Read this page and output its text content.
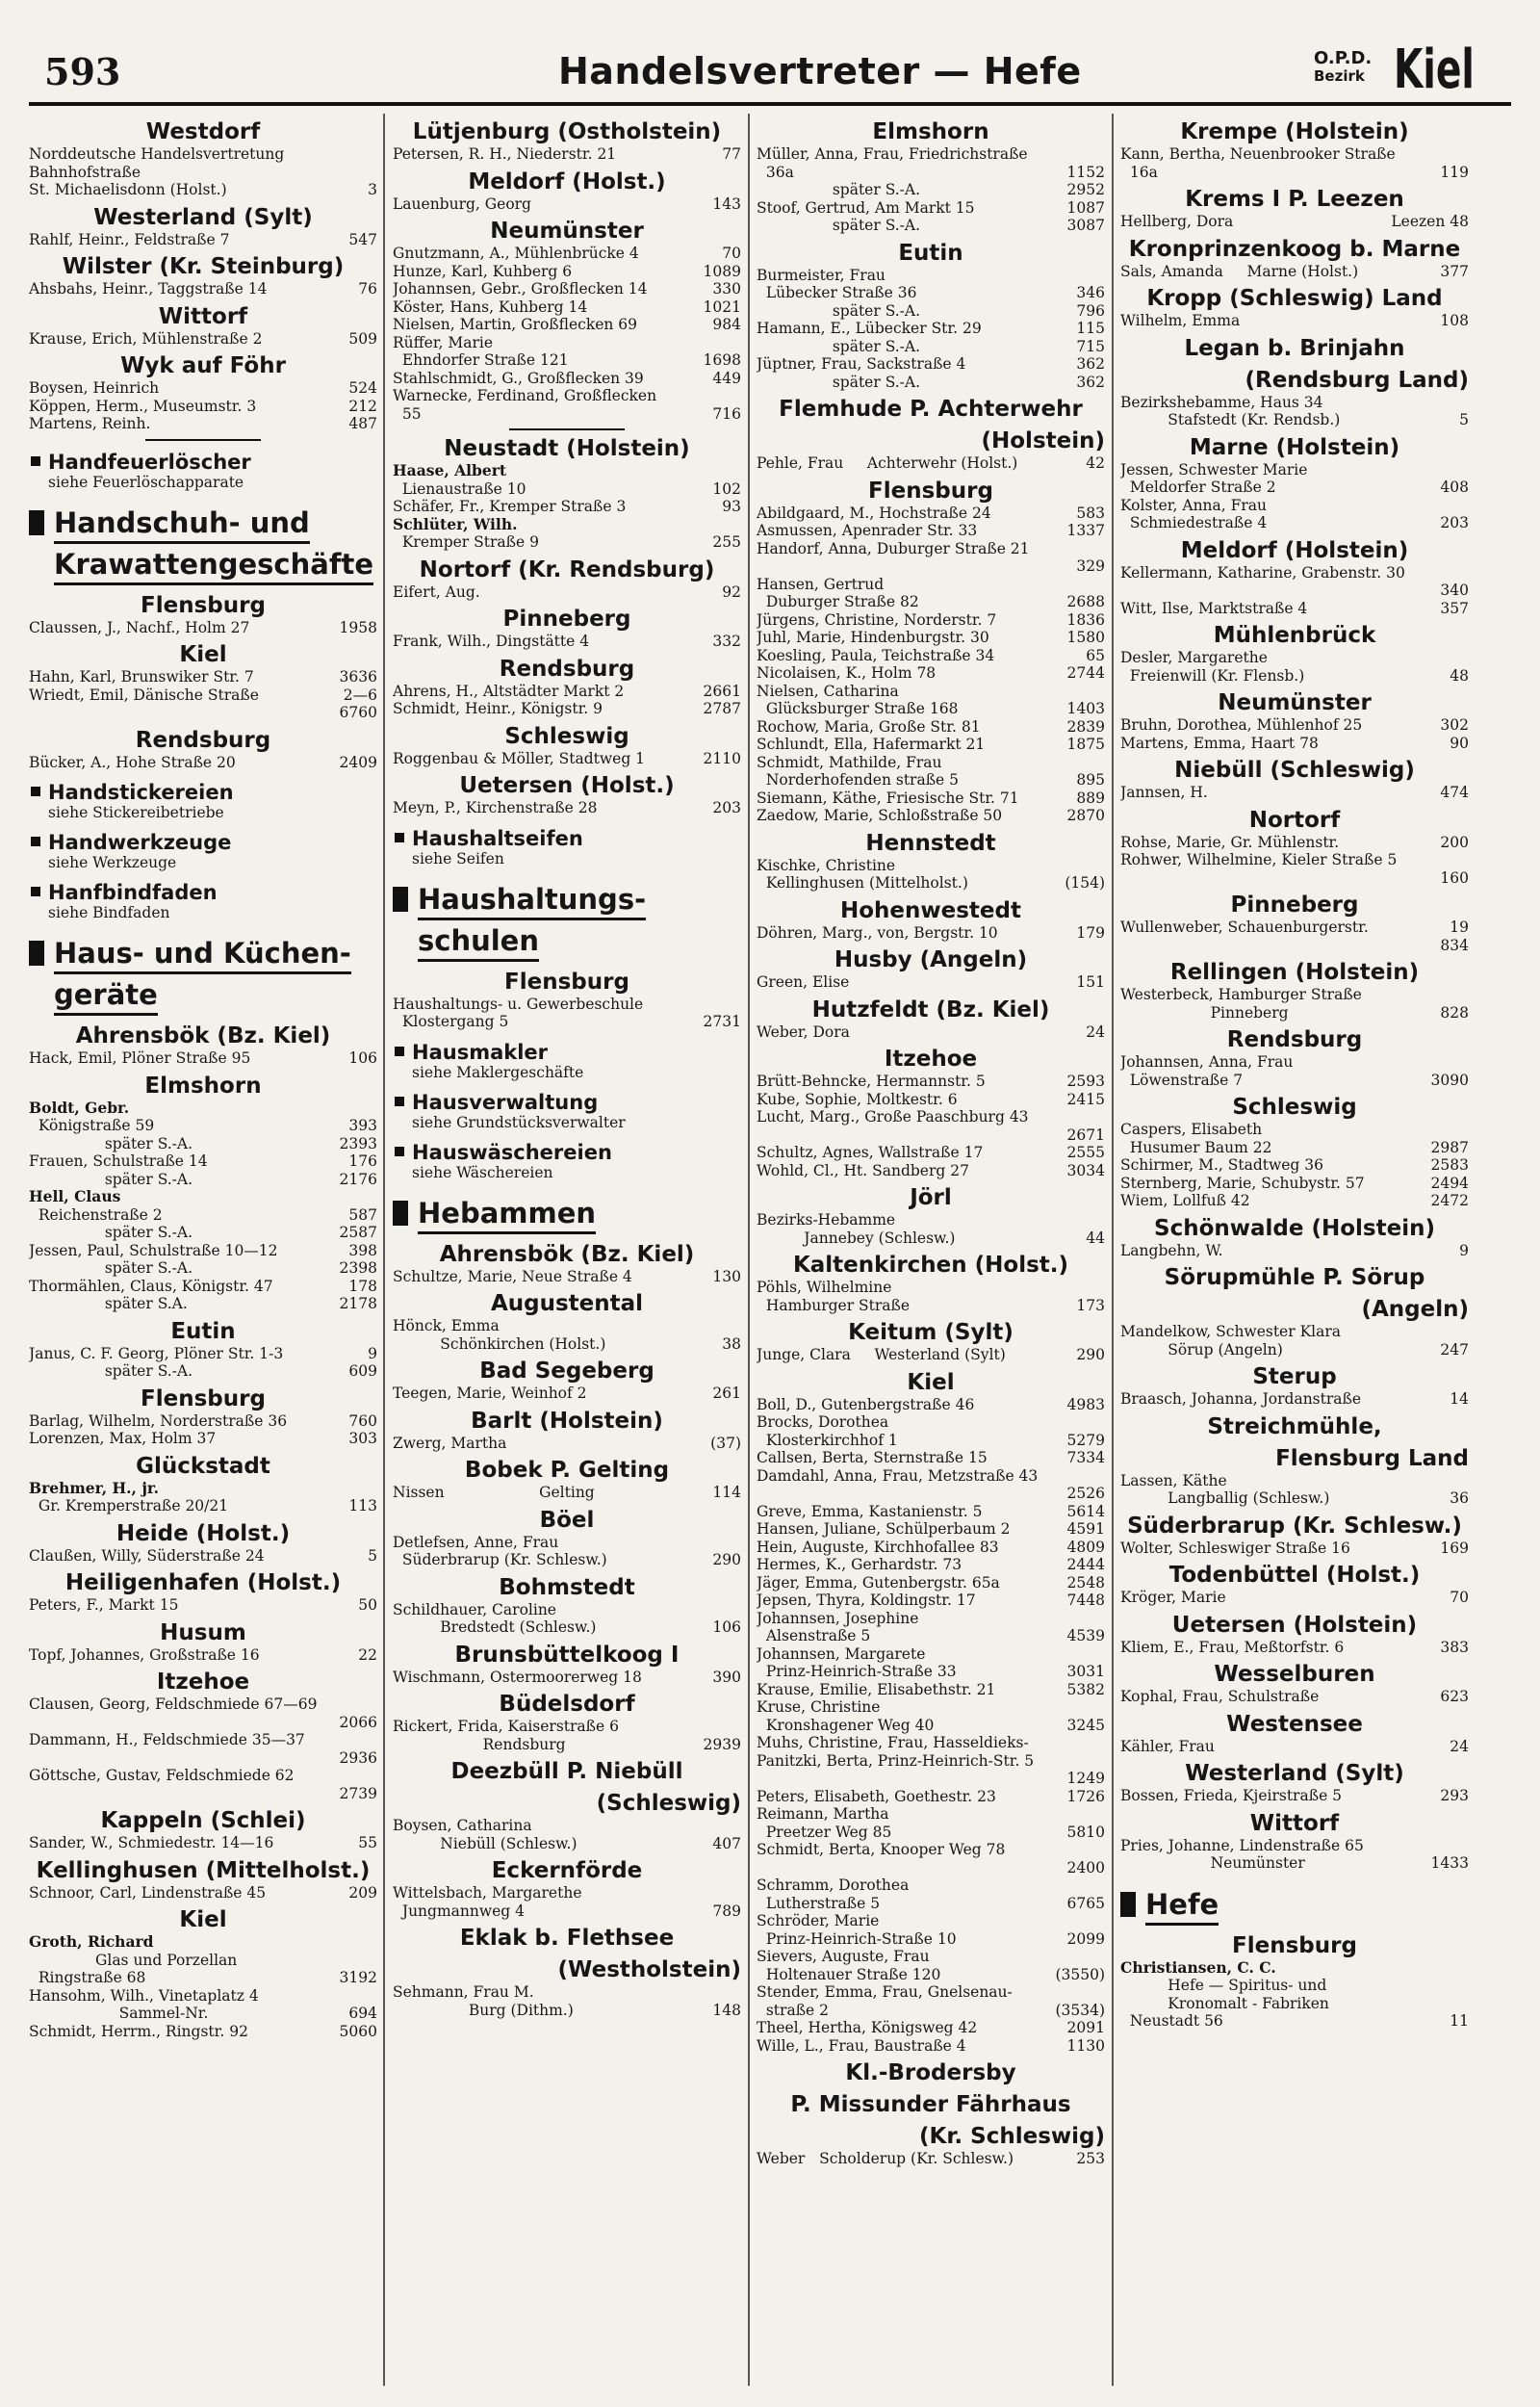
593	Handelsvertreter — Hefe	O.P.D.
Bezirk Kiel
Westdorf
Norddeutsche Handelsvertretung
Bahnhofstraße
St. Michaelisdonn (Holst.)	3
Westerland (Sylt)
Rahlf, Heinr., Feldstraße 7	547
Wilster (Kr. Steinburg)
Ahsbahs, Heinr., Taggstraße 14	76
Wittorf
Krause, Erich, Mühlenstraße 2	509
Wyk auf Föhr
Boysen, Heinrich	524
Köppen, Herm., Museumstr. 3	212
Martens, Reinh.	487
Handfeuerlöscher
siehe Feuerlöschapparate
Handschuh- und
Krawattengeschäfte

Flensburg
Claussen, J., Nachf., Holm 27	1958
Kiel
Hahn, Karl, Brunswiker Str. 7	3636
Wriedt, Emil, Dänische Straße	2—6
6760
Rendsburg
Bücker, A., Hohe Straße 20	2409
Handstickereien
siehe Stickereibetriebe
Handwerkzeuge
siehe Werkzeuge
Hanfbindfaden
siehe Bindfaden
Haus- und Küchen-
geräte

Ahrensbök (Bz. Kiel)
Hack, Emil, Plöner Straße 95	106
Elmshorn
Boldt, Gebr.
Königstraße 59	393
später S.-A.	2393
Frauen, Schulstraße 14	176
später S.-A.	2176
Hell, Claus
Reichenstraße 2	587
später S.-A.	2587
Jessen, Paul, Schulstraße 10—12	398
später S.-A.	2398
Thormählen, Claus, Königstr. 47	178
später S.A.	2178
Eutin
Janus, C. F. Georg, Plöner Str. 1-3	9
später S.-A.	609
Flensburg
Barlag, Wilhelm, Norderstraße 36	760
Lorenzen, Max, Holm 37	303
Glückstadt
Brehmer, H., jr.
Gr. Kremperstraße 20/21	113
Heide (Holst.)
Claußen, Willy, Süderstraße 24	5
Heiligenhafen (Holst.)
Peters, F., Markt 15	50
Husum
Topf, Johannes, Großstraße 16	22
Itzehoe
Clausen, Georg, Feldschmiede 67—69
2066
Dammann, H., Feldschmiede 35—37
2936
Göttsche, Gustav, Feldschmiede 62
2739
Kappeln (Schlei)
Sander, W., Schmiedestr. 14—16	55
Kellinghusen (Mittelholst.)
Schnoor, Carl, Lindenstraße 45	209
Kiel
Groth, Richard
Glas und Porzellan
Ringstraße 68	3192
Hansohm, Wilh., Vinetaplatz 4
Sammel-Nr.	694
Schmidt, Herrm., Ringstr. 92	5060
Lütjenburg (Ostholstein)
Petersen, R. H., Niederstr. 21	77
Meldorf (Holst.)
Lauenburg, Georg	143
Neumünster
Gnutzmann, A., Mühlenbrücke 4	70
Hunze, Karl, Kuhberg 6	1089
Johannsen, Gebr., Großflecken 14	330
Köster, Hans, Kuhberg 14	1021
Nielsen, Martin, Großflecken 69	984
Rüffer, Marie
Ehndorfer Straße 121	1698
Stahlschmidt, G., Großflecken 39	449
Warnecke, Ferdinand, Großflecken
55	716
Neustadt (Holstein)
Haase, Albert
Lienaustraße 10	102
Schäfer, Fr., Kremper Straße 3	93
Schlüter, Wilh.
Kremper Straße 9	255
Nortorf (Kr. Rendsburg)
Eifert, Aug.	92
Pinneberg
Frank, Wilh., Dingstätte 4	332
Rendsburg
Ahrens, H., Altstädter Markt 2	2661
Schmidt, Heinr., Königstr. 9	2787
Schleswig
Roggenbau & Möller, Stadtweg 1	2110
Uetersen (Holst.)
Meyn, P., Kirchenstraße 28	203
Haushaltseifen
siehe Seifen
Haushaltungs-
schulen

Flensburg
Haushaltungs- u. Gewerbeschule
Klostergang 5	2731
Hausmakler
siehe Maklergeschäfte
Hausverwaltung
siehe Grundstücksverwalter
Hauswäschereien
siehe Wäschereien
Hebammen

Ahrensbök (Bz. Kiel)
Schultze, Marie, Neue Straße 4	130
Augustental
Hönck, Emma
Schönkirchen (Holst.)	38
Bad Segeberg
Teegen, Marie, Weinhof 2	261
Barlt (Holstein)
Zwerg, Martha	(37)
Bobek P. Gelting
Nissen                    Gelting	114
Böel
Detlefsen, Anne, Frau
Süderbrarup (Kr. Schlesw.)	290
Bohmstedt
Schildhauer, Caroline
Bredstedt (Schlesw.)	106
Brunsbüttelkoog I
Wischmann, Ostermoorerweg 18	390
Büdelsdorf
Rickert, Frida, Kaiserstraße 6
Rendsburg	2939
Deezbüll P. Niebüll
(Schleswig)
Boysen, Catharina
Niebüll (Schlesw.)	407
Eckernförde
Wittelsbach, Margarethe
Jungmannweg 4	789
Eklak b. Flethsee
(Westholstein)
Sehmann, Frau M.
Burg (Dithm.)	148
Elmshorn
Müller, Anna, Frau, Friedrichstraße
36a	1152
später S.-A.	2952
Stoof, Gertrud, Am Markt 15	1087
später S.-A.	3087
Eutin
Burmeister, Frau
Lübecker Straße 36	346
später S.-A.	796
Hamann, E., Lübecker Str. 29	115
später S.-A.	715
Jüptner, Frau, Sackstraße 4	362
später S.-A.	362
Flemhude P. Achterwehr
(Holstein)
Pehle, Frau     Achterwehr (Holst.)	42
Flensburg
Abildgaard, M., Hochstraße 24	583
Asmussen, Apenrader Str. 33	1337
Handorf, Anna, Duburger Straße 21
329
Hansen, Gertrud
Duburger Straße 82	2688
Jürgens, Christine, Norderstr. 7	1836
Juhl, Marie, Hindenburgstr. 30	1580
Koesling, Paula, Teichstraße 34	65
Nicolaisen, K., Holm 78	2744
Nielsen, Catharina
Glücksburger Straße 168	1403
Rochow, Maria, Große Str. 81	2839
Schlundt, Ella, Hafermarkt 21	1875
Schmidt, Mathilde, Frau
Norderhofenden straße 5	895
Siemann, Käthe, Friesische Str. 71	889
Zaedow, Marie, Schloßstraße 50	2870
Hennstedt
Kischke, Christine
Kellinghusen (Mittelholst.)	(154)
Hohenwestedt
Döhren, Marg., von, Bergstr. 10	179
Husby (Angeln)
Green, Elise	151
Hutzfeldt (Bz. Kiel)
Weber, Dora	24
Itzehoe
Brütt-Behncke, Hermannstr. 5	2593
Kube, Sophie, Moltkestr. 6	2415
Lucht, Marg., Große Paaschburg 43
2671
Schultz, Agnes, Wallstraße 17	2555
Wohld, Cl., Ht. Sandberg 27	3034
Jörl
Bezirks-Hebamme
Jannebey (Schlesw.)	44
Kaltenkirchen (Holst.)
Pöhls, Wilhelmine
Hamburger Straße	173
Keitum (Sylt)
Junge, Clara     Westerland (Sylt)	290
Kiel
Boll, D., Gutenbergstraße 46	4983
Brocks, Dorothea
Klosterkirchhof 1	5279
Callsen, Berta, Sternstraße 15	7334
Damdahl, Anna, Frau, Metzstraße 43
2526
Greve, Emma, Kastanienstr. 5	5614
Hansen, Juliane, Schülperbaum 2	4591
Hein, Auguste, Kirchhofallee 83	4809
Hermes, K., Gerhardstr. 73	2444
Jäger, Emma, Gutenbergstr. 65a	2548
Jepsen, Thyra, Koldingstr. 17	7448
Johannsen, Josephine
Alsenstraße 5	4539
Johannsen, Margarete
Prinz-Heinrich-Straße 33	3031
Krause, Emilie, Elisabethstr. 21	5382
Kruse, Christine
Kronshagener Weg 40	3245
Muhs, Christine, Frau, Hasseldieks-
Panitzki, Berta, Prinz-Heinrich-Str. 5
1249
Peters, Elisabeth, Goethestr. 23	1726
Reimann, Martha
Preetzer Weg 85	5810
Schmidt, Berta, Knooper Weg 78
2400
Schramm, Dorothea
Lutherstraße 5	6765
Schröder, Marie
Prinz-Heinrich-Straße 10	2099
Sievers, Auguste, Frau
Holtenauer Straße 120	(3550)
Stender, Emma, Frau, Gnelsenau-
straße 2	(3534)
Theel, Hertha, Königsweg 42	2091
Wille, L., Frau, Baustraße 4	1130
Kl.-Brodersby
P. Missunder Fährhaus
(Kr. Schleswig)
Weber   Scholderup (Kr. Schlesw.)	253
Krempe (Holstein)
Kann, Bertha, Neuenbrooker Straße
16a	119
Krems I P. Leezen
Hellberg, Dora	Leezen 48
Kronprinzenkoog b. Marne
Sals, Amanda     Marne (Holst.)	377
Kropp (Schleswig) Land
Wilhelm, Emma	108
Legan b. Brinjahn
(Rendsburg Land)
Bezirkshebamme, Haus 34
Stafstedt (Kr. Rendsb.)	5
Marne (Holstein)
Jessen, Schwester Marie
Meldorfer Straße 2	408
Kolster, Anna, Frau
Schmiedestraße 4	203
Meldorf (Holstein)
Kellermann, Katharine, Grabenstr. 30
340
Witt, Ilse, Marktstraße 4	357
Mühlenbrück
Desler, Margarethe
Freienwill (Kr. Flensb.)	48
Neumünster
Bruhn, Dorothea, Mühlenhof 25	302
Martens, Emma, Haart 78	90
Niebüll (Schleswig)
Jannsen, H.	474
Nortorf
Rohse, Marie, Gr. Mühlenstr.	200
Rohwer, Wilhelmine, Kieler Straße 5
160
Pinneberg
Wullenweber, Schauenburgerstr.	19
834
Rellingen (Holstein)
Westerbeck, Hamburger Straße
Pinneberg	828
Rendsburg
Johannsen, Anna, Frau
Löwenstraße 7	3090
Schleswig
Caspers, Elisabeth
Husumer Baum 22	2987
Schirmer, M., Stadtweg 36	2583
Sternberg, Marie, Schubystr. 57	2494
Wiem, Lollfuß 42	2472
Schönwalde (Holstein)
Langbehn, W.	9
Sörupmühle P. Sörup
(Angeln)
Mandelkow, Schwester Klara
Sörup (Angeln)	247
Sterup
Braasch, Johanna, Jordanstraße	14
Streichmühle,
Flensburg Land
Lassen, Käthe
Langballig (Schlesw.)	36
Süderbrarup (Kr. Schlesw.)
Wolter, Schleswiger Straße 16	169
Todenbüttel (Holst.)
Kröger, Marie	70
Uetersen (Holstein)
Kliem, E., Frau, Meßtorfstr. 6	383
Wesselburen
Kophal, Frau, Schulstraße	623
Westensee
Kähler, Frau	24
Westerland (Sylt)
Bossen, Frieda, Kjeirstraße 5	293
Wittorf
Pries, Johanne, Lindenstraße 65
Neumünster	1433
Hefe

Flensburg
Christiansen, C. C.
Hefe — Spiritus- und
Kronomalt - Fabriken
Neustadt 56	11
